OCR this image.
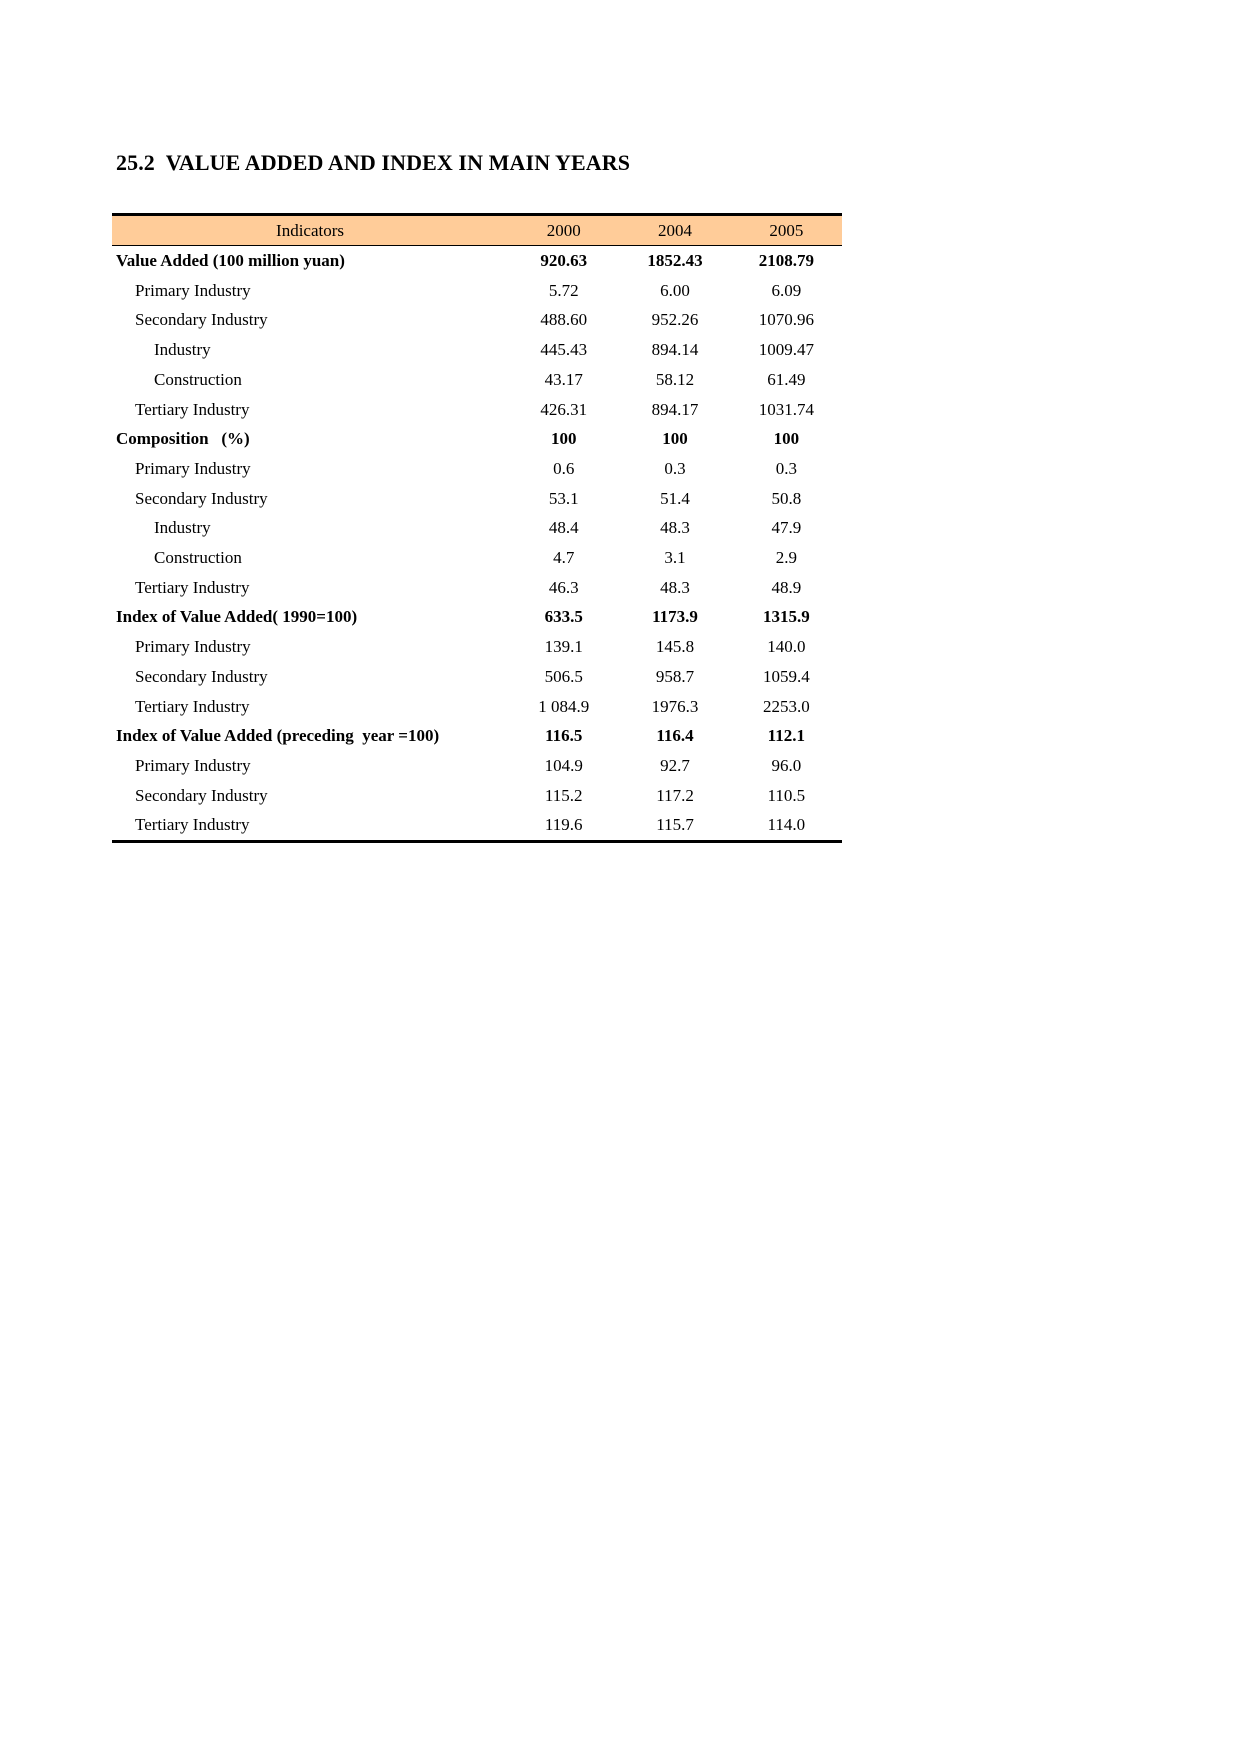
25.2  VALUE ADDED AND INDEX IN MAIN YEARS
Indicators	2000	2004	2005
Value Added (100 million yuan)	920.63	1852.43	2108.79
Primary Industry	5.72	6.00	6.09
Secondary Industry	488.60	952.26	1070.96
Industry	445.43	894.14	1009.47
Construction	43.17	58.12	61.49
Tertiary Industry	426.31	894.17	1031.74
Composition   (%)	100	100	100
Primary Industry	0.6	0.3	0.3
Secondary Industry	53.1	51.4	50.8
Industry	48.4	48.3	47.9
Construction	4.7	3.1	2.9
Tertiary Industry	46.3	48.3	48.9
Index of Value Added( 1990=100)	633.5	1173.9	1315.9
Primary Industry	139.1	145.8	140.0
Secondary Industry	506.5	958.7	1059.4
Tertiary Industry	1 084.9	1976.3	2253.0
Index of Value Added (preceding  year =100)	116.5	116.4	112.1
Primary Industry	104.9	92.7	96.0
Secondary Industry	115.2	117.2	110.5
Tertiary Industry	119.6	115.7	114.0
